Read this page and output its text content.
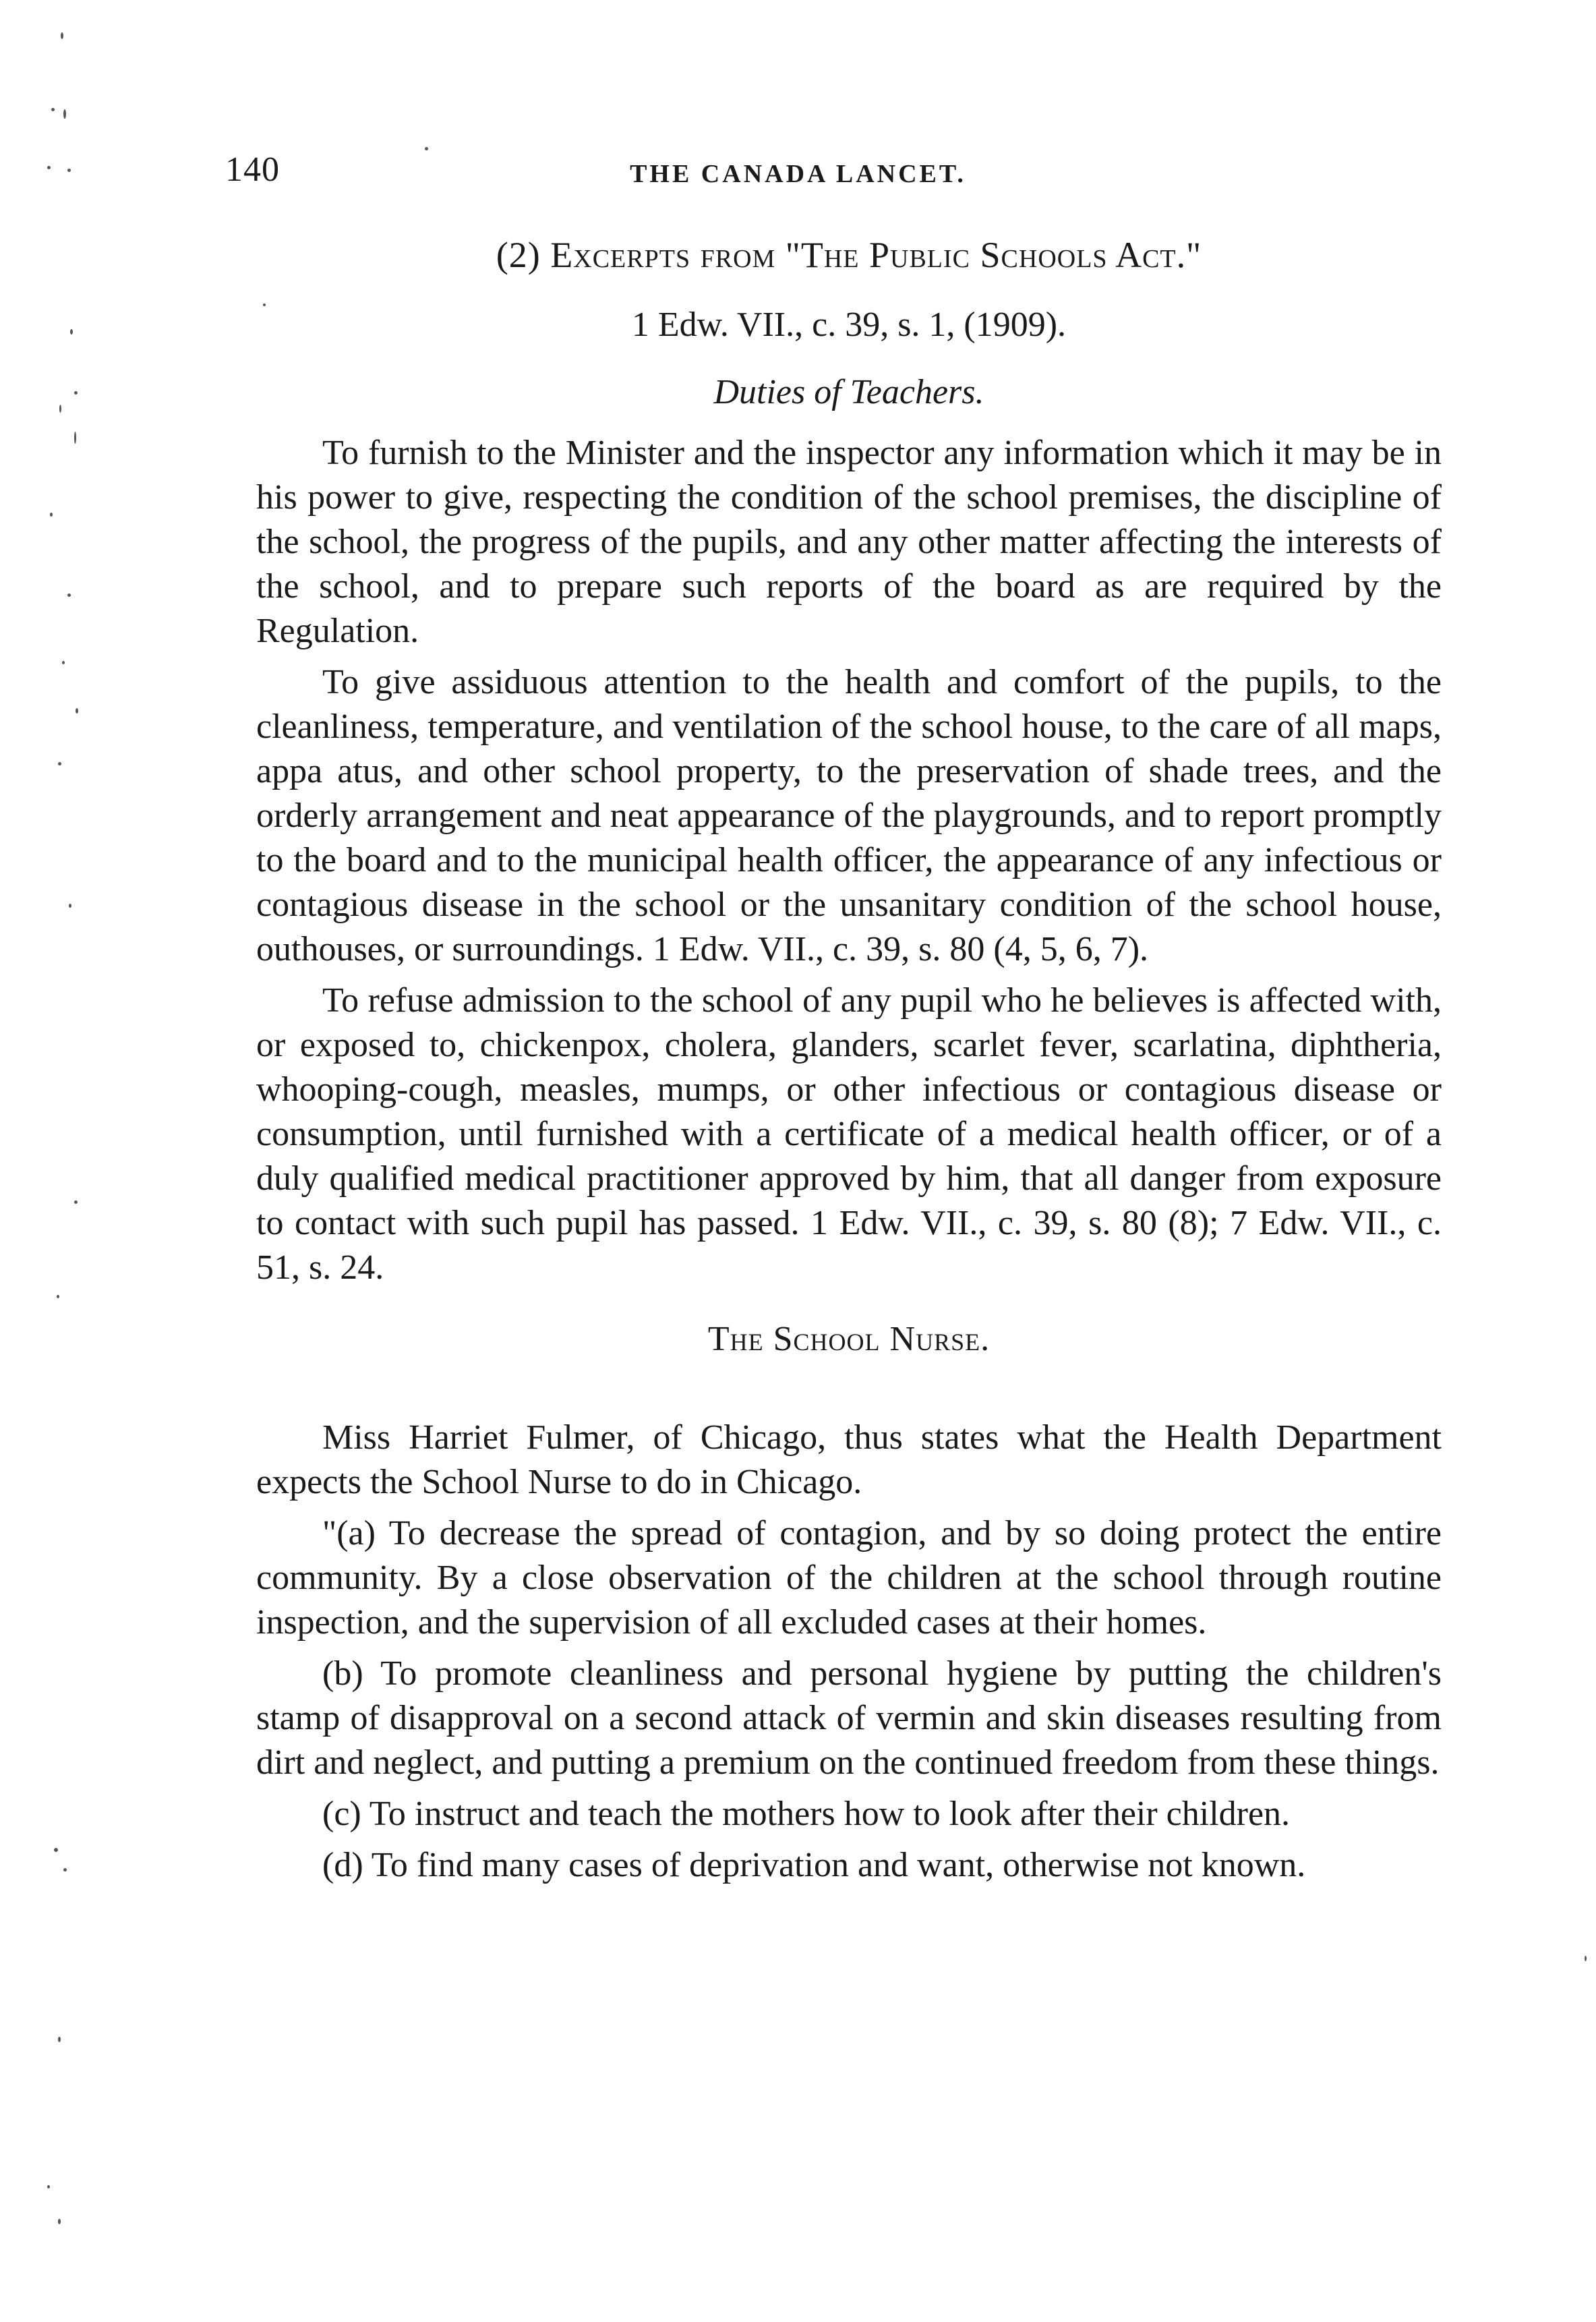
140	THE CANADA LANCET.
(2) Excerpts from "The Public Schools Act."
1 Edw. VII., c. 39, s. 1, (1909).
Duties of Teachers.

To furnish to the Minister and the inspector any information which it may be in his power to give, respecting the condition of the school premises, the discipline of the school, the progress of the pupils, and any other matter affecting the interests of the school, and to prepare such reports of the board as are required by the Regulation.

To give assiduous attention to the health and comfort of the pupils, to the cleanliness, temperature, and ventilation of the school house, to the care of all maps, appa atus, and other school property, to the preservation of shade trees, and the orderly arrangement and neat appearance of the playgrounds, and to report promptly to the board and to the municipal health officer, the appearance of any infectious or contagious disease in the school or the unsanitary condition of the school house, outhouses, or surroundings. 1 Edw. VII., c. 39, s. 80 (4, 5, 6, 7).

To refuse admission to the school of any pupil who he believes is affected with, or exposed to, chickenpox, cholera, glanders, scarlet fever, scarlatina, diphtheria, whooping-cough, measles, mumps, or other infectious or contagious disease or consumption, until furnished with a certificate of a medical health officer, or of a duly qualified medical practitioner approved by him, that all danger from exposure to contact with such pupil has passed. 1 Edw. VII., c. 39, s. 80 (8); 7 Edw. VII., c. 51, s. 24.

The School Nurse.

Miss Harriet Fulmer, of Chicago, thus states what the Health Department expects the School Nurse to do in Chicago.

"(a) To decrease the spread of contagion, and by so doing protect the entire community. By a close observation of the children at the school through routine inspection, and the supervision of all excluded cases at their homes.

(b) To promote cleanliness and personal hygiene by putting the children's stamp of disapproval on a second attack of vermin and skin diseases resulting from dirt and neglect, and putting a premium on the continued freedom from these things.

(c) To instruct and teach the mothers how to look after their children.

(d) To find many cases of deprivation and want, otherwise not known.
